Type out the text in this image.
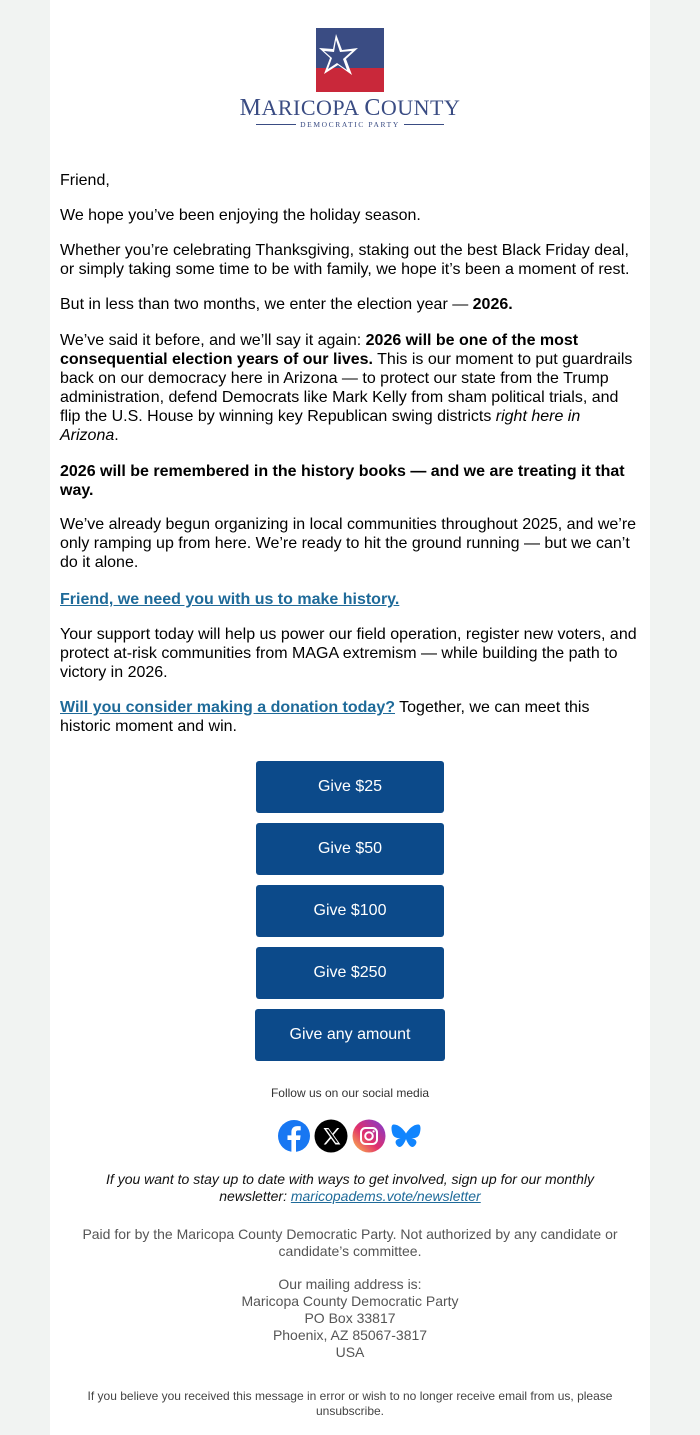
MARICOPA COUNTY
DEMOCRATIC PARTY

Friend,

We hope you’ve been enjoying the holiday season.

Whether you’re celebrating Thanksgiving, staking out the best Black Friday deal, or simply taking some time to be with family, we hope it’s been a moment of rest.

But in less than two months, we enter the election year — 2026.

We’ve said it before, and we’ll say it again: 2026 will be one of the most consequential election years of our lives. This is our moment to put guardrails back on our democracy here in Arizona — to protect our state from the Trump administration, defend Democrats like Mark Kelly from sham political trials, and flip the U.S. House by winning key Republican swing districts right here in Arizona.

2026 will be remembered in the history books — and we are treating it that way.

We’ve already begun organizing in local communities throughout 2025, and we’re only ramping up from here. We’re ready to hit the ground running — but we can’t do it alone.

Friend, we need you with us to make history.

Your support today will help us power our field operation, register new voters, and protect at-risk communities from MAGA extremism — while building the path to victory in 2026.

Will you consider making a donation today? Together, we can meet this historic moment and win.

Give $25
Give $50
Give $100
Give $250
Give any amount
Follow us on our social media
If you want to stay up to date with ways to get involved, sign up for our monthly newsletter: maricopadems.vote/newsletter
Paid for by the Maricopa County Democratic Party. Not authorized by any candidate or candidate’s committee.
Our mailing address is:
Maricopa County Democratic Party
PO Box 33817
Phoenix, AZ 85067-3817
USA
If you believe you received this message in error or wish to no longer receive email from us, please unsubscribe.
